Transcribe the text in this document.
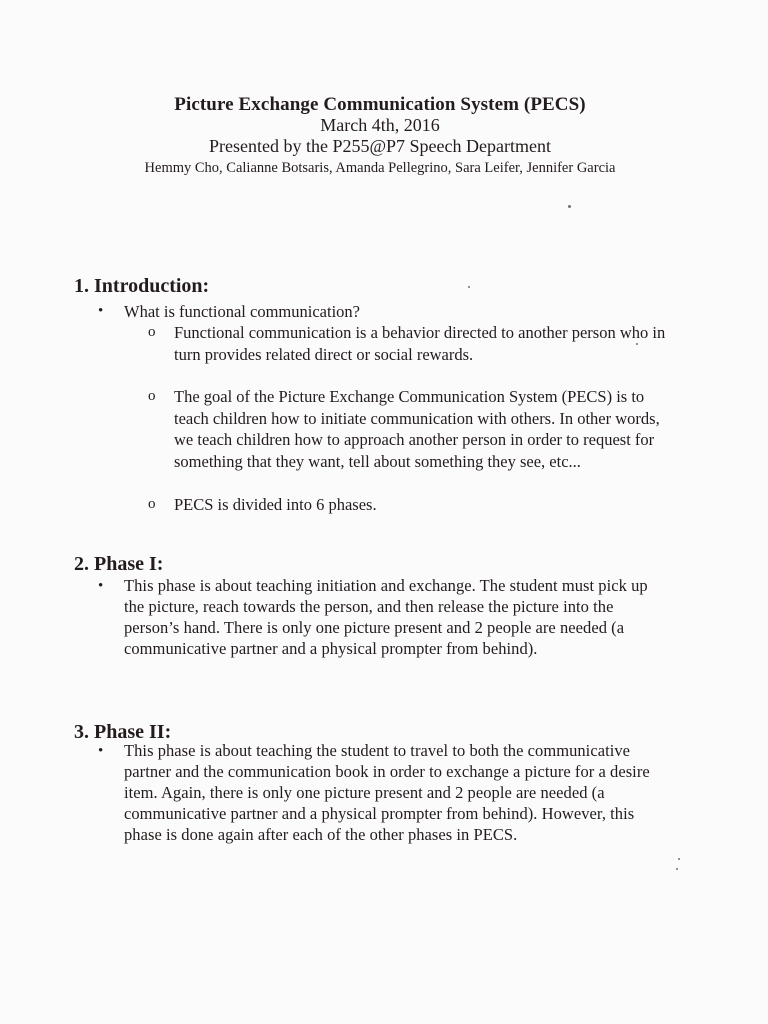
Picture Exchange Communication System (PECS)
March 4th, 2016
Presented by the P255@P7 Speech Department
Hemmy Cho, Calianne Botsaris, Amanda Pellegrino, Sara Leifer, Jennifer Garcia
1. Introduction:
•	What is functional communication?
o	Functional communication is a behavior directed to another person who in turn provides related direct or social rewards.
o	The goal of the Picture Exchange Communication System (PECS) is to teach children how to initiate communication with others. In other words, we teach children how to approach another person in order to request for something that they want, tell about something they see, etc...
o	PECS is divided into 6 phases.
2. Phase I:
• This phase is about teaching initiation and exchange. The student must pick up the picture, reach towards the person, and then release the picture into the person’s hand. There is only one picture present and 2 people are needed (a communicative partner and a physical prompter from behind).
3. Phase II:
• This phase is about teaching the student to travel to both the communicative partner and the communication book in order to exchange a picture for a desire item. Again, there is only one picture present and 2 people are needed (a communicative partner and a physical prompter from behind). However, this phase is done again after each of the other phases in PECS.
